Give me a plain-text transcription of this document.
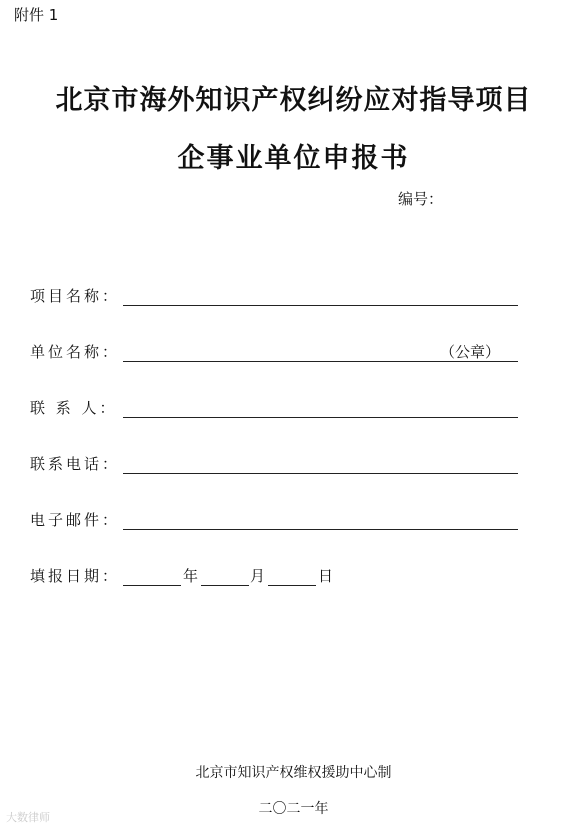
附件 1
北京市海外知识产权纠纷应对指导项目
企事业单位申报书
编号：
项目名称：
单位名称：	（公章）
联 系 人：
联系电话：
电子邮件：
填报日期：	年	月	日
北京市知识产权维权援助中心制
二〇二一年
大数律师
